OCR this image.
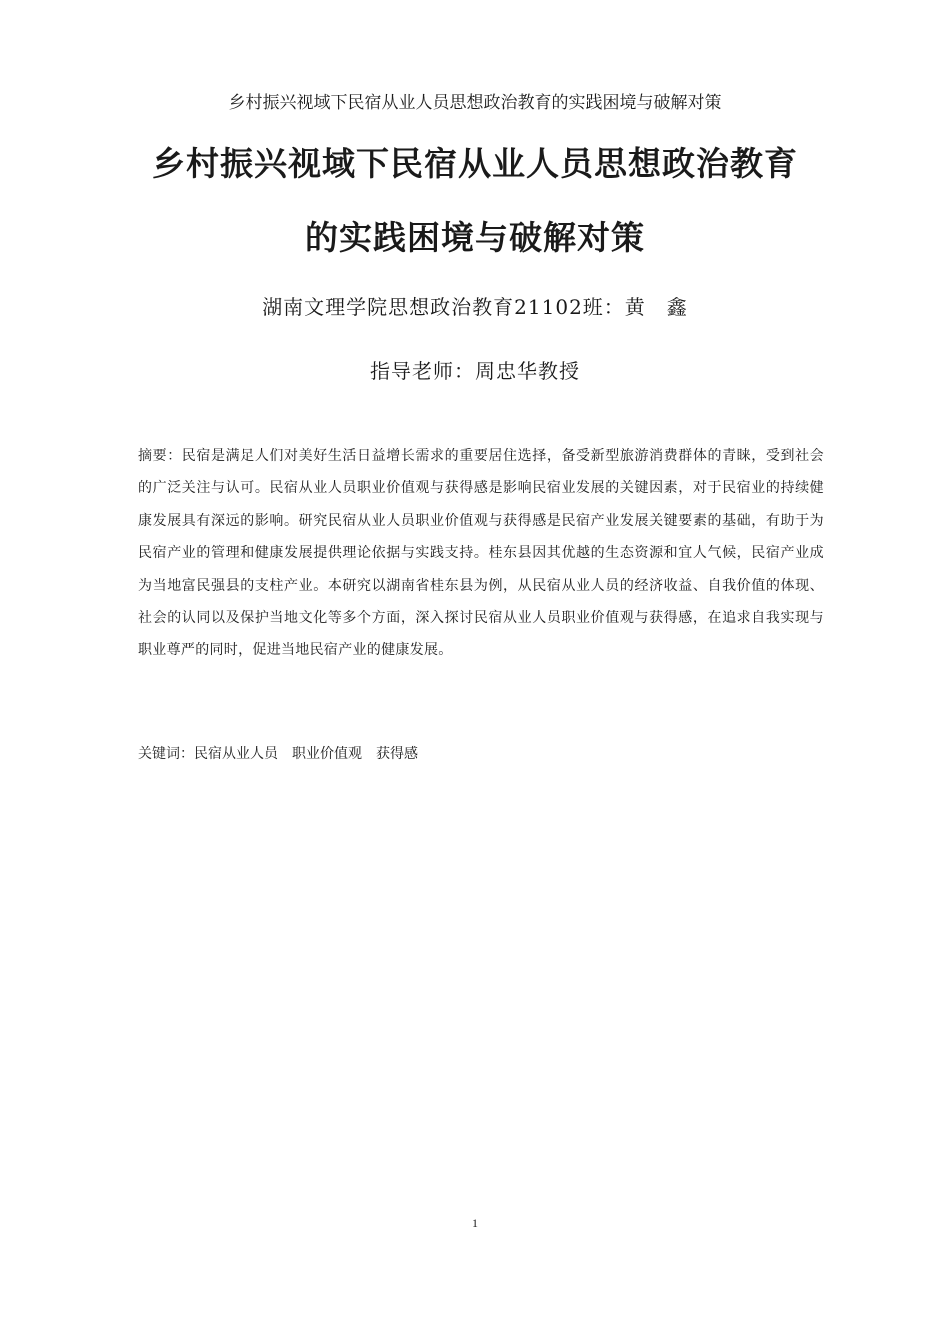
乡村振兴视域下民宿从业人员思想政治教育的实践困境与破解对策
乡村振兴视域下民宿从业人员思想政治教育
的实践困境与破解对策
湖南文理学院思想政治教育21102班：黄　鑫
指导老师：周忠华教授
摘要：民宿是满足人们对美好生活日益增长需求的重要居住选择，备受新型旅游消费群体的青睐，受到社会的广泛关注与认可。民宿从业人员职业价值观与获得感是影响民宿业发展的关键因素，对于民宿业的持续健康发展具有深远的影响。研究民宿从业人员职业价值观与获得感是民宿产业发展关键要素的基础，有助于为民宿产业的管理和健康发展提供理论依据与实践支持。桂东县因其优越的生态资源和宜人气候，民宿产业成为当地富民强县的支柱产业。本研究以湖南省桂东县为例，从民宿从业人员的经济收益、自我价值的体现、社会的认同以及保护当地文化等多个方面，深入探讨民宿从业人员职业价值观与获得感，在追求自我实现与职业尊严的同时，促进当地民宿产业的健康发展。
关键词：民宿从业人员　职业价值观　获得感
1
